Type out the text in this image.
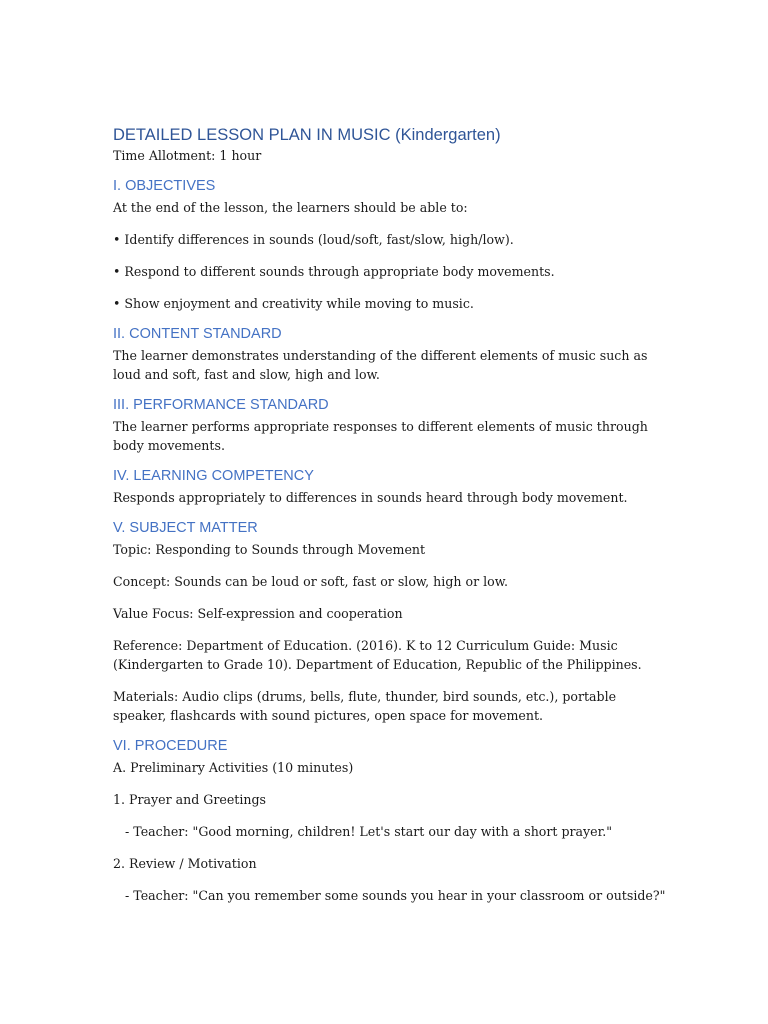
DETAILED LESSON PLAN IN MUSIC (Kindergarten)

Time Allotment: 1 hour

I. OBJECTIVES

At the end of the lesson, the learners should be able to:

• Identify differences in sounds (loud/soft, fast/slow, high/low).

• Respond to different sounds through appropriate body movements.

• Show enjoyment and creativity while moving to music.

II. CONTENT STANDARD

The learner demonstrates understanding of the different elements of music such as loud and soft, fast and slow, high and low.

III. PERFORMANCE STANDARD

The learner performs appropriate responses to different elements of music through body movements.

IV. LEARNING COMPETENCY

Responds appropriately to differences in sounds heard through body movement.

V. SUBJECT MATTER

Topic: Responding to Sounds through Movement

Concept: Sounds can be loud or soft, fast or slow, high or low.

Value Focus: Self-expression and cooperation

Reference: Department of Education. (2016). K to 12 Curriculum Guide: Music (Kindergarten to Grade 10). Department of Education, Republic of the Philippines.

Materials: Audio clips (drums, bells, flute, thunder, bird sounds, etc.), portable speaker, flashcards with sound pictures, open space for movement.

VI. PROCEDURE

A. Preliminary Activities (10 minutes)

1. Prayer and Greetings

- Teacher: "Good morning, children! Let's start our day with a short prayer."

2. Review / Motivation

- Teacher: "Can you remember some sounds you hear in your classroom or outside?"
